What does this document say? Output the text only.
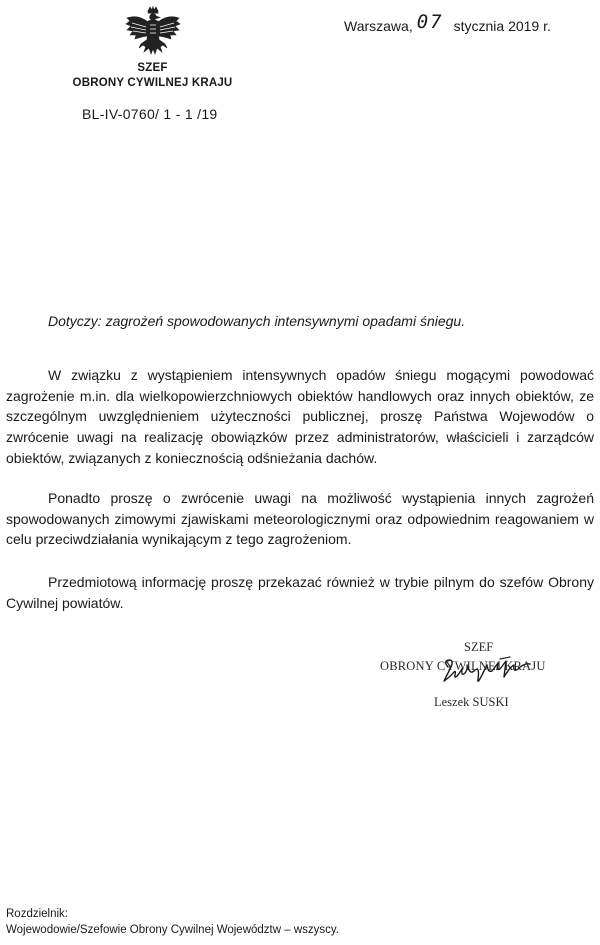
SZEF
OBRONY CYWILNEJ KRAJU
BL-IV-0760/ 1 - 1 /19
Warszawa, 07 stycznia 2019 r.
Dotyczy: zagrożeń spowodowanych intensywnymi opadami śniegu.

W związku z wystąpieniem intensywnych opadów śniegu mogącymi powodować zagrożenie m.in. dla wielkopowierzchniowych obiektów handlowych oraz innych obiektów, ze szczególnym uwzględnieniem użyteczności publicznej, proszę Państwa Wojewodów o zwrócenie uwagi na realizację obowiązków przez administratorów, właścicieli i zarządców obiektów, związanych z koniecznością odśnieżania dachów.

Ponadto proszę o zwrócenie uwagi na możliwość wystąpienia innych zagrożeń spowodowanych zimowymi zjawiskami meteorologicznymi oraz odpowiednim reagowaniem w celu przeciwdziałania wynikającym z tego zagrożeniom.

Przedmiotową informację proszę przekazać również w trybie pilnym do szefów Obrony Cywilnej powiatów.

SZEF
OBRONY CYWILNEJ KRAJU
Leszek SUSKI
Rozdzielnik:
Wojewodowie/Szefowie Obrony Cywilnej Województw – wszyscy.
